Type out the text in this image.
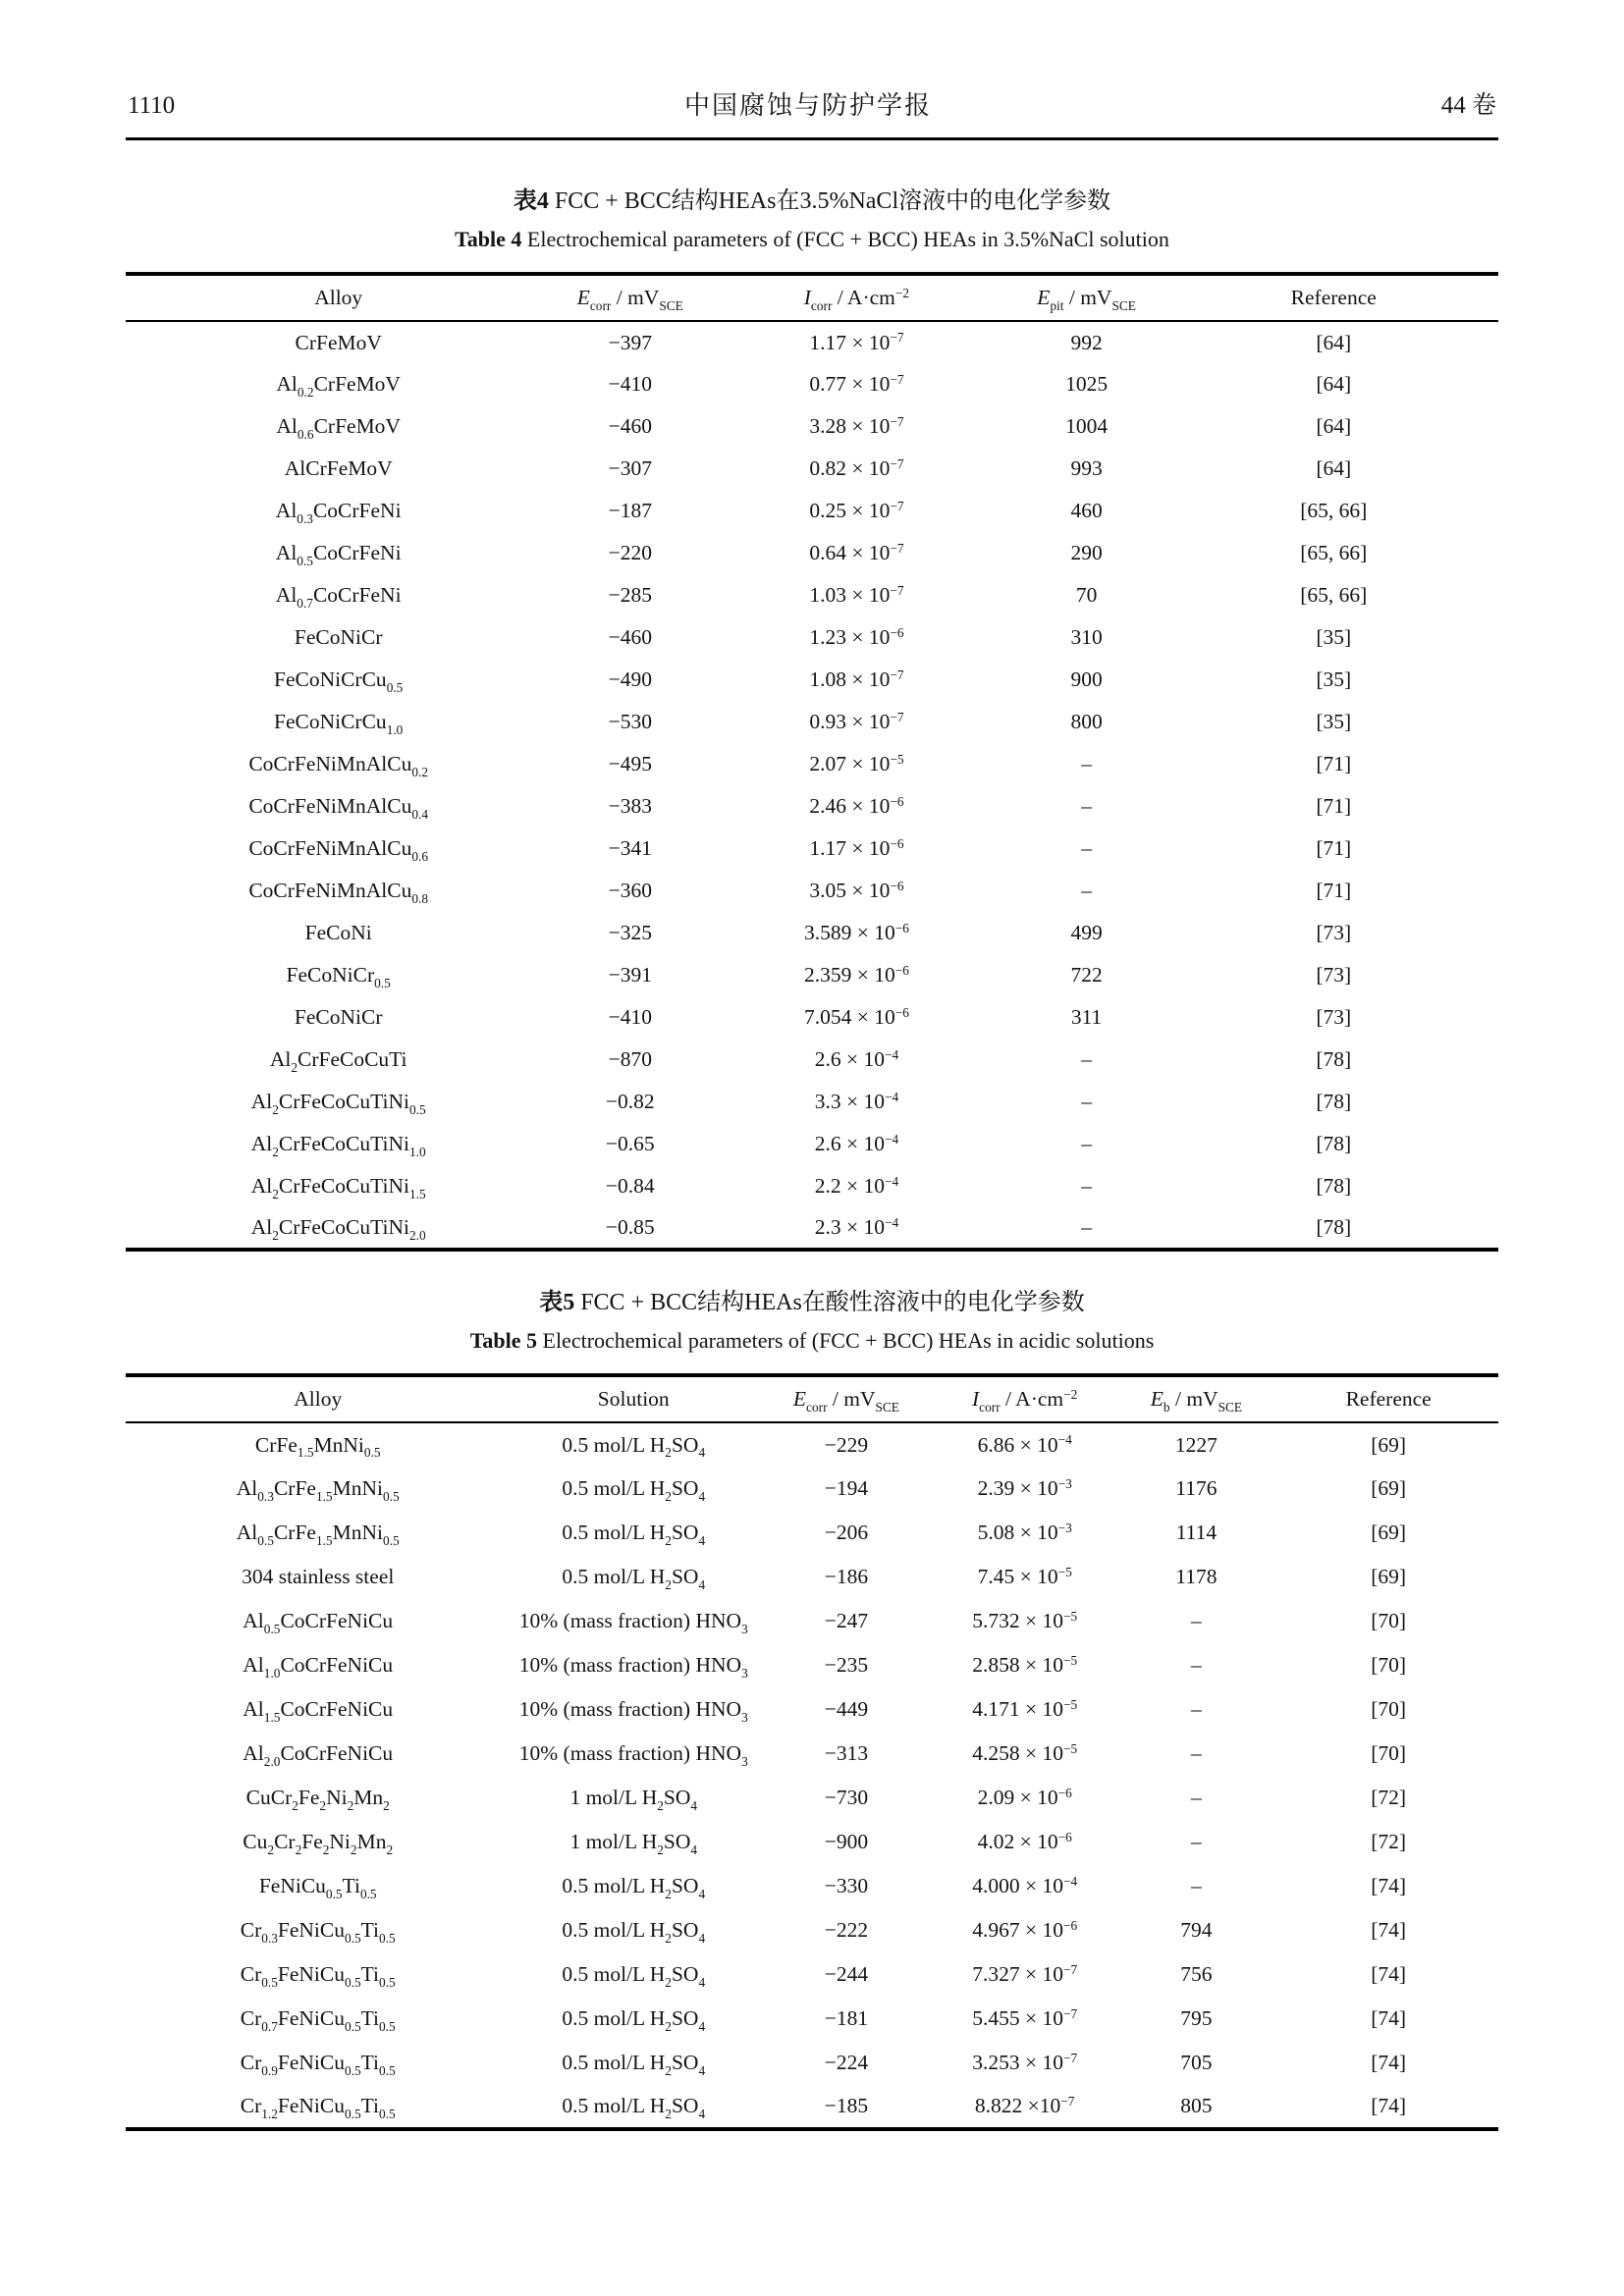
1110	中国腐蚀与防护学报	44 卷
表4 FCC + BCC结构HEAs在3.5%NaCl溶液中的电化学参数
Table 4 Electrochemical parameters of (FCC + BCC) HEAs in 3.5%NaCl solution
Alloy	$E_{corr} / mV_{SCE}$	$I_{corr} / A\cdot cm^{-2}$	$E_{pit} / mV_{SCE}$	Reference
CrFeMoV	−397	$1.17 \times 10^{-7}$	992	[64]
$Al_{0.2}CrFeMoV$	−410	$0.77 \times 10^{-7}$	1025	[64]
$Al_{0.6}CrFeMoV$	−460	$3.28 \times 10^{-7}$	1004	[64]
AlCrFeMoV	−307	$0.82 \times 10^{-7}$	993	[64]
$Al_{0.3}CoCrFeNi$	−187	$0.25 \times 10^{-7}$	460	[65, 66]
$Al_{0.5}CoCrFeNi$	−220	$0.64 \times 10^{-7}$	290	[65, 66]
$Al_{0.7}CoCrFeNi$	−285	$1.03 \times 10^{-7}$	70	[65, 66]
FeCoNiCr	−460	$1.23 \times 10^{-6}$	310	[35]
FeCoNiCrCu$_{0.5}$	−490	$1.08 \times 10^{-7}$	900	[35]
FeCoNiCrCu$_{1.0}$	−530	$0.93 \times 10^{-7}$	800	[35]
CoCrFeNiMnAlCu$_{0.2}$	−495	$2.07 \times 10^{-5}$	–	[71]
CoCrFeNiMnAlCu$_{0.4}$	−383	$2.46 \times 10^{-6}$	–	[71]
CoCrFeNiMnAlCu$_{0.6}$	−341	$1.17 \times 10^{-6}$	–	[71]
CoCrFeNiMnAlCu$_{0.8}$	−360	$3.05 \times 10^{-6}$	–	[71]
FeCoNi	−325	$3.589 \times 10^{-6}$	499	[73]
FeCoNiCr$_{0.5}$	−391	$2.359 \times 10^{-6}$	722	[73]
FeCoNiCr	−410	$7.054 \times 10^{-6}$	311	[73]
$Al_2CrFeCoCuTi$	−870	$2.6 \times 10^{-4}$	–	[78]
$Al_2CrFeCoCuTiNi_{0.5}$	−0.82	$3.3 \times 10^{-4}$	–	[78]
$Al_2CrFeCoCuTiNi_{1.0}$	−0.65	$2.6 \times 10^{-4}$	–	[78]
$Al_2CrFeCoCuTiNi_{1.5}$	−0.84	$2.2 \times 10^{-4}$	–	[78]
$Al_2CrFeCoCuTiNi_{2.0}$	−0.85	$2.3 \times 10^{-4}$	–	[78]
表5 FCC + BCC结构HEAs在酸性溶液中的电化学参数
Table 5 Electrochemical parameters of (FCC + BCC) HEAs in acidic solutions
Alloy	Solution	$E_{corr} / mV_{SCE}$	$I_{corr} / A\cdot cm^{-2}$	$E_b / mV_{SCE}$	Reference
CrFe$_{1.5}$MnNi$_{0.5}$	0.5 mol/L $H_2SO_4$	−229	$6.86 \times 10^{-4}$	1227	[69]
$Al_{0.3}CrFe_{1.5}MnNi_{0.5}$	0.5 mol/L $H_2SO_4$	−194	$2.39 \times 10^{-3}$	1176	[69]
$Al_{0.5}CrFe_{1.5}MnNi_{0.5}$	0.5 mol/L $H_2SO_4$	−206	$5.08 \times 10^{-3}$	1114	[69]
304 stainless steel	0.5 mol/L $H_2SO_4$	−186	$7.45 \times 10^{-5}$	1178	[69]
$Al_{0.5}CoCrFeNiCu$	10% (mass fraction) $HNO_3$	−247	$5.732 \times 10^{-5}$	–	[70]
$Al_{1.0}CoCrFeNiCu$	10% (mass fraction) $HNO_3$	−235	$2.858 \times 10^{-5}$	–	[70]
$Al_{1.5}CoCrFeNiCu$	10% (mass fraction) $HNO_3$	−449	$4.171 \times 10^{-5}$	–	[70]
$Al_{2.0}CoCrFeNiCu$	10% (mass fraction) $HNO_3$	−313	$4.258 \times 10^{-5}$	–	[70]
$CuCr_2Fe_2Ni_2Mn_2$	1 mol/L $H_2SO_4$	−730	$2.09 \times 10^{-6}$	–	[72]
$Cu_2Cr_2Fe_2Ni_2Mn_2$	1 mol/L $H_2SO_4$	−900	$4.02 \times 10^{-6}$	–	[72]
$FeNiCu_{0.5}Ti_{0.5}$	0.5 mol/L $H_2SO_4$	−330	$4.000 \times 10^{-4}$	–	[74]
$Cr_{0.3}FeNiCu_{0.5}Ti_{0.5}$	0.5 mol/L $H_2SO_4$	−222	$4.967 \times 10^{-6}$	794	[74]
$Cr_{0.5}FeNiCu_{0.5}Ti_{0.5}$	0.5 mol/L $H_2SO_4$	−244	$7.327 \times 10^{-7}$	756	[74]
$Cr_{0.7}FeNiCu_{0.5}Ti_{0.5}$	0.5 mol/L $H_2SO_4$	−181	$5.455 \times 10^{-7}$	795	[74]
$Cr_{0.9}FeNiCu_{0.5}Ti_{0.5}$	0.5 mol/L $H_2SO_4$	−224	$3.253 \times 10^{-7}$	705	[74]
$Cr_{1.2}FeNiCu_{0.5}Ti_{0.5}$	0.5 mol/L $H_2SO_4$	−185	$8.822 \times 10^{-7}$	805	[74]
